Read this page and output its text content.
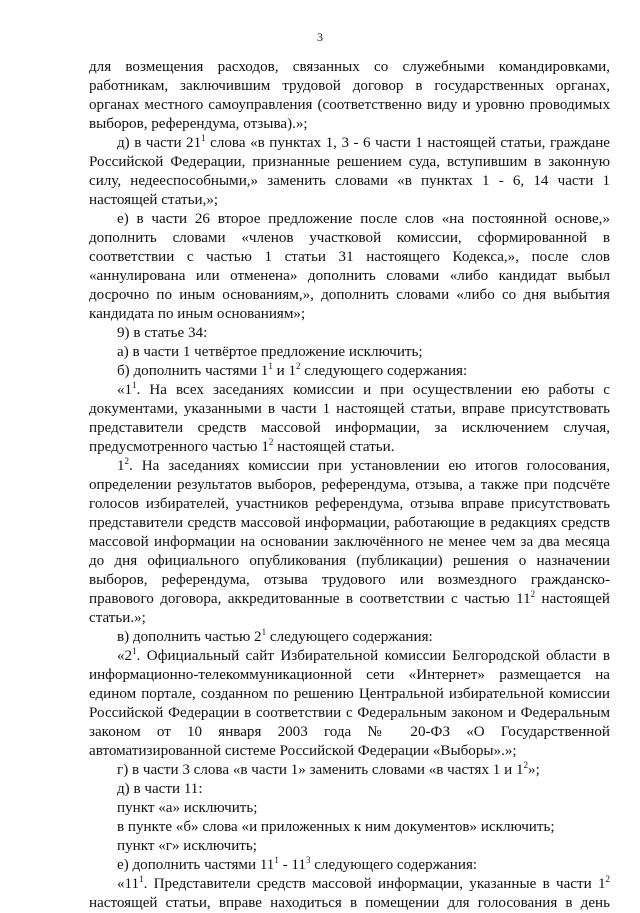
3

для возмещения расходов, связанных со служебными командировками, работникам, заключившим трудовой договор в государственных органах, органах местного самоуправления (соответственно виду и уровню проводимых выборов, референдума, отзыва).»;

д) в части $21^1$ слова «в пунктах 1, 3 - 6 части 1 настоящей статьи, граждане Российской Федерации, признанные решением суда, вступившим в законную силу, недееспособными,» заменить словами «в пунктах 1 - 6, 14 части 1 настоящей статьи,»;

е) в части 26 второе предложение после слов «на постоянной основе,» дополнить словами «членов участковой комиссии, сформированной в соответствии с частью 1 статьи 31 настоящего Кодекса,», после слов «аннулирована или отменена» дополнить словами «либо кандидат выбыл досрочно по иным основаниям,», дополнить словами «либо со дня выбытия кандидата по иным основаниям»;

9) в статье 34:

а) в части 1 четвёртое предложение исключить;

б) дополнить частями $1^1$ и $1^2$ следующего содержания:

«$1^1$. На всех заседаниях комиссии и при осуществлении ею работы с документами, указанными в части 1 настоящей статьи, вправе присутствовать представители средств массовой информации, за исключением случая, предусмотренного частью $1^2$ настоящей статьи.

$1^2$. На заседаниях комиссии при установлении ею итогов голосования, определении результатов выборов, референдума, отзыва, а также при подсчёте голосов избирателей, участников референдума, отзыва вправе присутствовать представители средств массовой информации, работающие в редакциях средств массовой информации на основании заключённого не менее чем за два месяца до дня официального опубликования (публикации) решения о назначении выборов, референдума, отзыва трудового или возмездного гражданско-правового договора, аккредитованные в соответствии с частью $11^2$ настоящей статьи.»;

в) дополнить частью $2^1$ следующего содержания:

«$2^1$. Официальный сайт Избирательной комиссии Белгородской области в информационно-телекоммуникационной сети «Интернет» размещается на едином портале, созданном по решению Центральной избирательной комиссии Российской Федерации в соответствии с Федеральным законом и Федеральным законом от 10 января 2003 года № 20-ФЗ «О Государственной автоматизированной системе Российской Федерации «Выборы».»;

г) в части 3 слова «в части 1» заменить словами «в частях 1 и $1^2$»;

д) в части 11:

пункт «а» исключить;

в пункте «б» слова «и приложенных к ним документов» исключить;

пункт «г» исключить;

е) дополнить частями $11^1 - 11^3$ следующего содержания:

«$11^1$. Представители средств массовой информации, указанные в части $1^2$ настоящей статьи, вправе находиться в помещении для голосования в день
